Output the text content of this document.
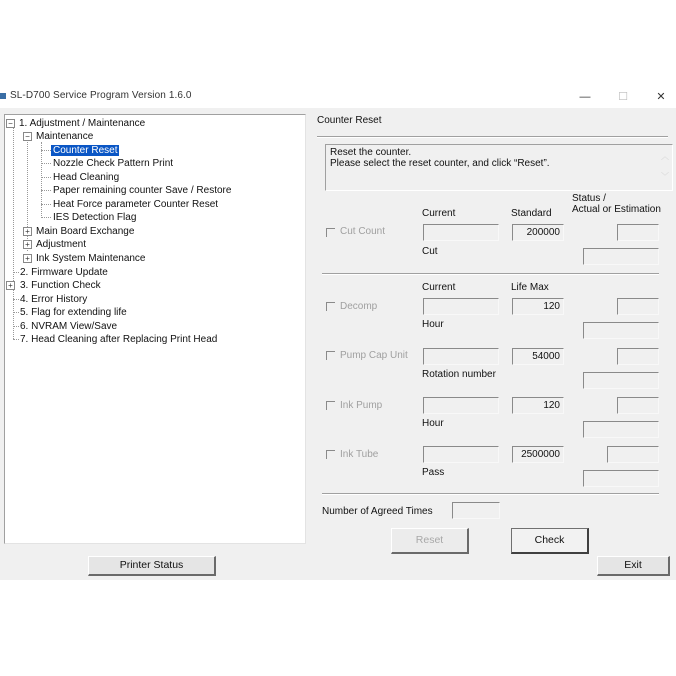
SL-D700 Service Program Version 1.6.0	—	☐	✕
− 1. Adjustment / Maintenance
− Maintenance
Counter Reset
Nozzle Check Pattern Print
Head Cleaning
Paper remaining counter Save / Restore
Heat Force parameter Counter Reset
IES Detection Flag
+ Main Board Exchange
+ Adjustment
+ Ink System Maintenance
2. Firmware Update
+ 3. Function Check
4. Error History
5. Flag for extending life
6. NVRAM View/Save
7. Head Cleaning after Replacing Print Head
Printer Status
Counter Reset
Reset the counter.
Please select the reset counter, and click “Reset”.
︿
﹀
Current	Standard
Status /
Actual or Estimation
Cut Count	200000
Cut
Current	Life Max
Decomp	120
Hour
Pump Cap Unit	54000
Rotation number
Ink Pump	120
Hour
Ink Tube	2500000
Pass
Number of Agreed Times
Reset	Check
Exit
